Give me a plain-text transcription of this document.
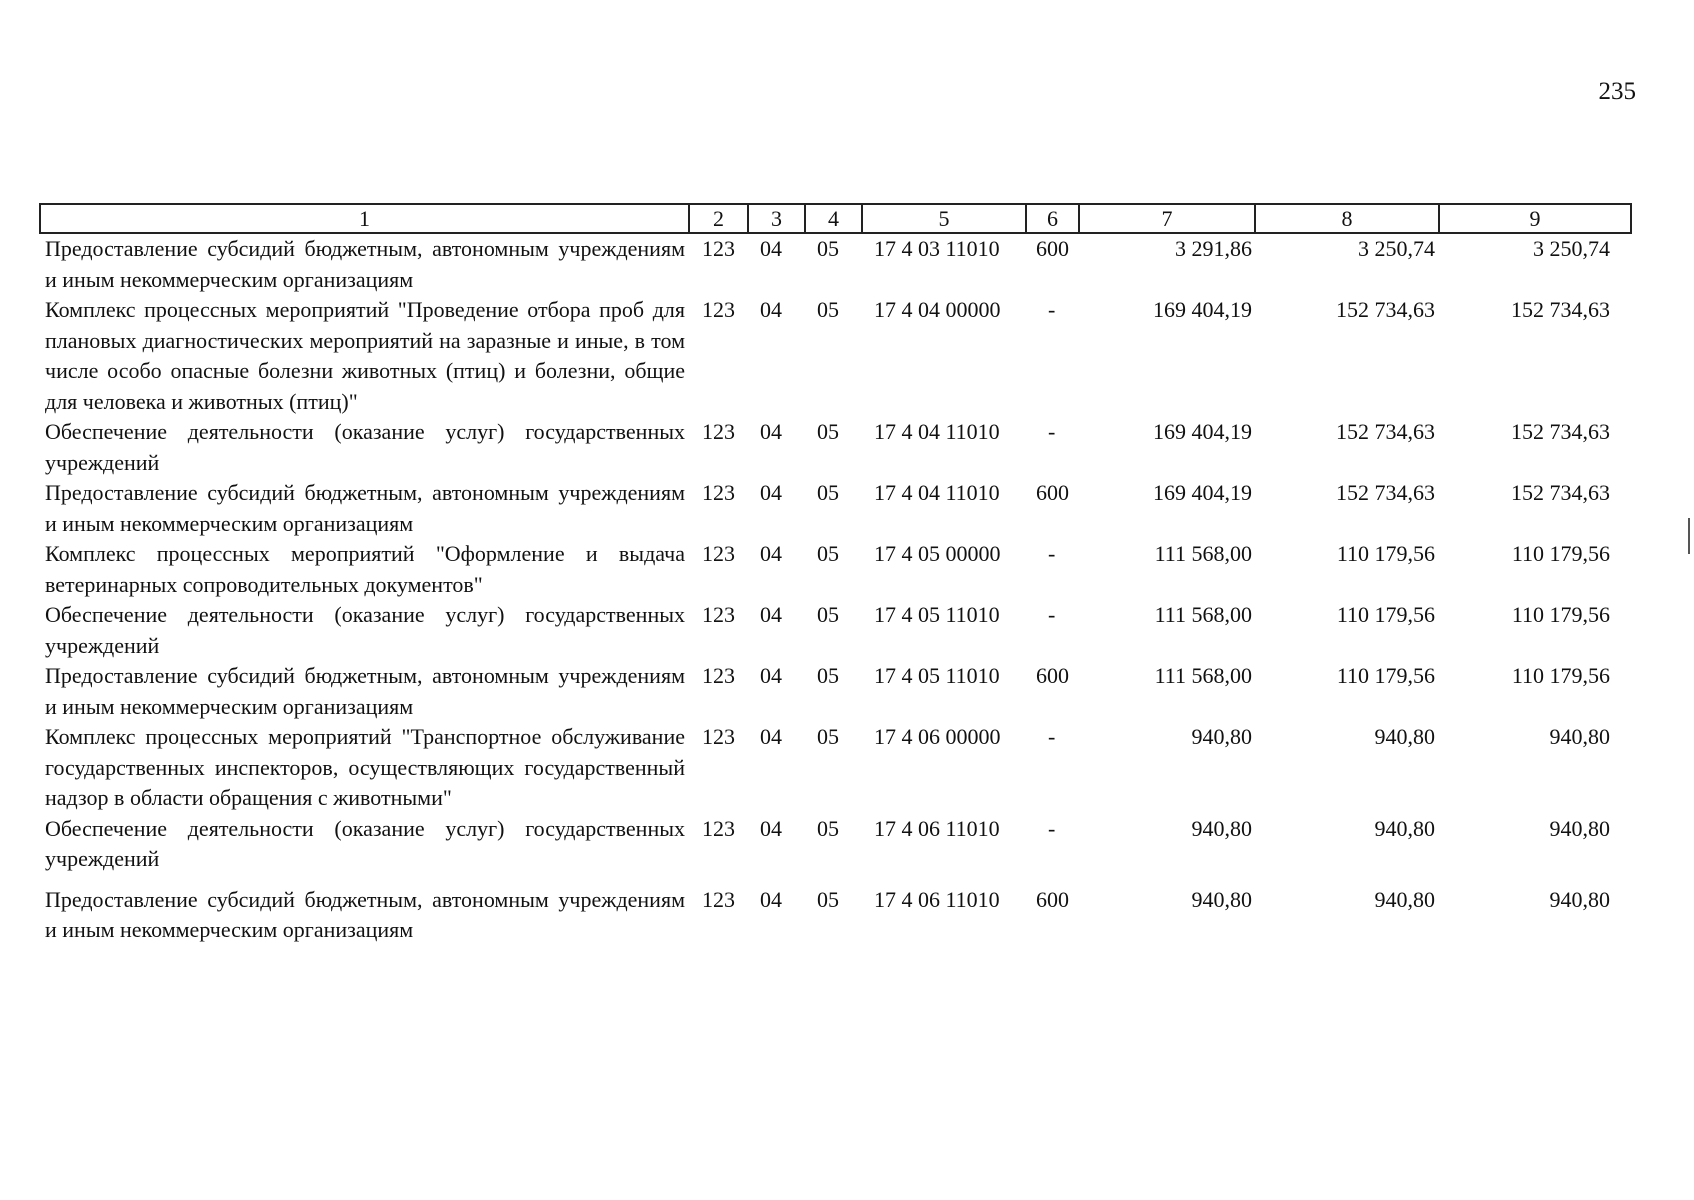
235
1	2	3	4	5	6	7	8	9
Предоставление субсидий бюджетным, автономным учреждениям и иным некоммерческим организациям	123	04	05	17 4 03 11010	600	3 291,86	3 250,74	3 250,74
Комплекс процессных мероприятий "Проведение отбора проб для плановых диагностических мероприятий на заразные и иные, в том числе особо опасные болезни животных (птиц) и болезни, общие для человека и животных (птиц)"	123	04	05	17 4 04 00000	-	169 404,19	152 734,63	152 734,63
Обеспечение деятельности (оказание услуг) государственных учреждений	123	04	05	17 4 04 11010	-	169 404,19	152 734,63	152 734,63
Предоставление субсидий бюджетным, автономным учреждениям и иным некоммерческим организациям	123	04	05	17 4 04 11010	600	169 404,19	152 734,63	152 734,63
Комплекс процессных мероприятий "Оформление и выдача ветеринарных сопроводительных документов"	123	04	05	17 4 05 00000	-	111 568,00	110 179,56	110 179,56
Обеспечение деятельности (оказание услуг) государственных учреждений	123	04	05	17 4 05 11010	-	111 568,00	110 179,56	110 179,56
Предоставление субсидий бюджетным, автономным учреждениям и иным некоммерческим организациям	123	04	05	17 4 05 11010	600	111 568,00	110 179,56	110 179,56
Комплекс процессных мероприятий "Транспортное обслуживание государственных инспекторов, осуществляющих государственный надзор в области обращения с животными"	123	04	05	17 4 06 00000	-	940,80	940,80	940,80
Обеспечение деятельности (оказание услуг) государственных учреждений	123	04	05	17 4 06 11010	-	940,80	940,80	940,80
Предоставление субсидий бюджетным, автономным учреждениям и иным некоммерческим организациям	123	04	05	17 4 06 11010	600	940,80	940,80	940,80
